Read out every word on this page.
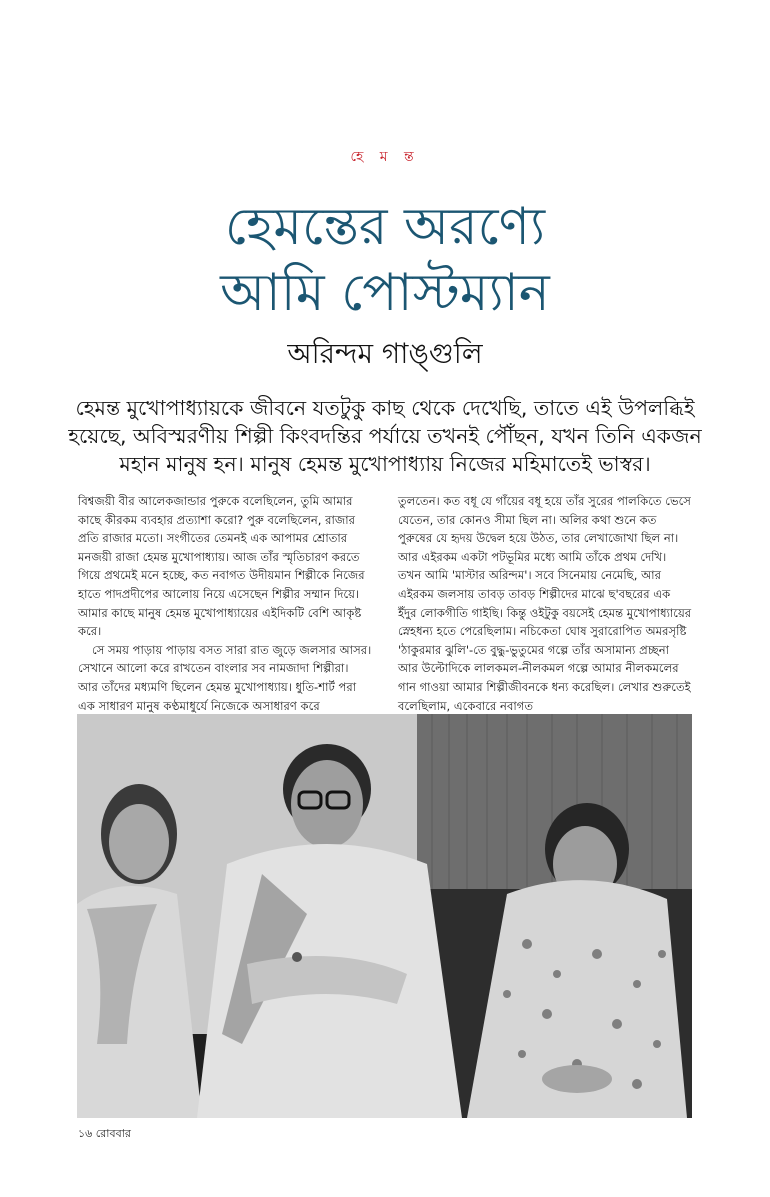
হে ম ন্ত
হেমন্তের অরণ্যে
আমি পোস্টম্যান
অরিন্দম গাঙ্গুলি
হেমন্ত মুখোপাধ্যায়কে জীবনে যতটুকু কাছ থেকে দেখেছি, তাতে এই উপলব্ধিই হয়েছে, অবিস্মরণীয় শিল্পী কিংবদন্তির পর্যায়ে তখনই পৌঁছন, যখন তিনি একজন মহান মানুষ হন। মানুষ হেমন্ত মুখোপাধ্যায় নিজের মহিমাতেই ভাস্বর।

বিশ্বজয়ী বীর আলেকজান্ডার পুরুকে বলেছিলেন, তুমি আমার কাছে কীরকম ব্যবহার প্রত্যাশা করো? পুরু বলেছিলেন, রাজার প্রতি রাজার মতো। সংগীতের তেমনই এক আপামর শ্রোতার মনজয়ী রাজা হেমন্ত মুখোপাধ্যায়। আজ তাঁর স্মৃতিচারণ করতে গিয়ে প্রথমেই মনে হচ্ছে, কত নবাগত উদীয়মান শিল্পীকে নিজের হাতে পাদপ্রদীপের আলোয় নিয়ে এসেছেন শিল্পীর সম্মান দিয়ে। আমার কাছে মানুষ হেমন্ত মুখোপাধ্যায়ের এইদিকটি বেশি আকৃষ্ট করে।

সে সময় পাড়ায় পাড়ায় বসত সারা রাত জুড়ে জলসার আসর। সেখানে আলো করে রাখতেন বাংলার সব নামজাদা শিল্পীরা। আর তাঁদের মধ্যমণি ছিলেন হেমন্ত মুখোপাধ্যায়। ধুতি-শার্ট পরা এক সাধারণ মানুষ কণ্ঠমাধুর্যে নিজেকে অসাধারণ করে

তুলতেন। কত বধূ যে গাঁয়ের বধূ হয়ে তাঁর সুরের পালকিতে ভেসে যেতেন, তার কোনও সীমা ছিল না। অলির কথা শুনে কত পুরুষের যে হৃদয় উদ্বেল হয়ে উঠত, তার লেখাজোখা ছিল না। আর এইরকম একটা পটভূমির মধ্যে আমি তাঁকে প্রথম দেখি। তখন আমি 'মাস্টার অরিন্দম'। সবে সিনেমায় নেমেছি, আর এইরকম জলসায় তাবড় তাবড় শিল্পীদের মাঝে ছ'বছরের এক ইঁদুর লোকগীতি গাইছি। কিন্তু ওইটুকু বয়সেই হেমন্ত মুখোপাধ্যায়ের স্নেহধন্য হতে পেরেছিলাম। নচিকেতা ঘোষ সুরারোপিত অমরসৃষ্টি 'ঠাকুরমার ঝুলি'-তে বুদ্ধু-ভুতুমের গল্পে তাঁর অসামান্য প্রচ্ছনা আর উল্টোদিকে লালকমল-নীলকমল গল্পে আমার নীলকমলের গান গাওয়া আমার শিল্পীজীবনকে ধন্য করেছিল। লেখার শুরুতেই বলেছিলাম, একেবারে নবাগত

১৬ রোববার
